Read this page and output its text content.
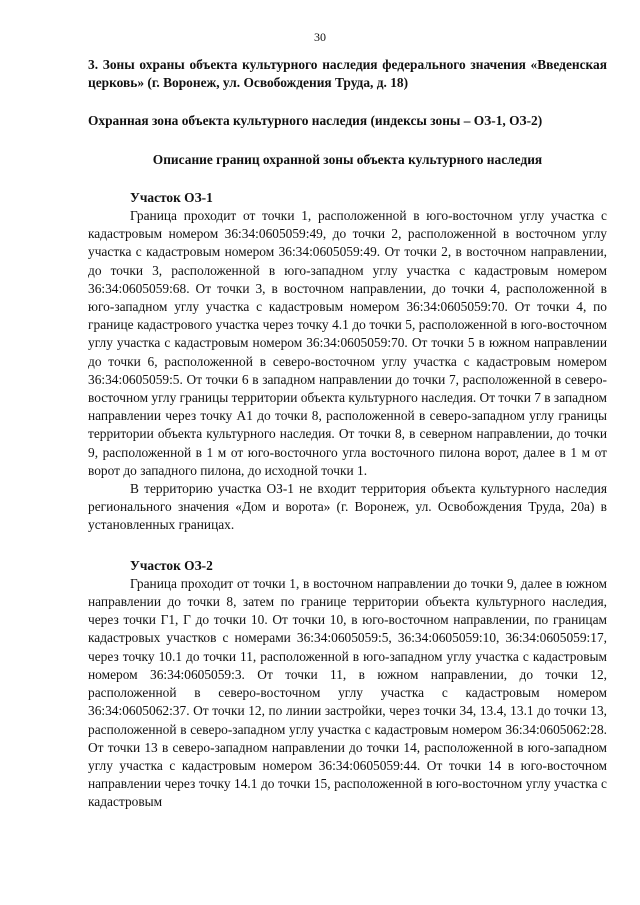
30

3. Зоны охраны объекта культурного наследия федерального значения «Введенская церковь» (г. Воронеж, ул. Освобождения Труда, д. 18)

Охранная зона объекта культурного наследия (индексы зоны – ОЗ-1, ОЗ-2)

Описание границ охранной зоны объекта культурного наследия

Участок ОЗ-1

Граница проходит от точки 1, расположенной в юго-восточном углу участка с кадастровым номером 36:34:0605059:49, до точки 2, расположенной в восточном углу участка с кадастровым номером 36:34:0605059:49. От точки 2, в восточном направлении, до точки 3, расположенной в юго-западном углу участка с кадастровым номером 36:34:0605059:68. От точки 3, в восточном направлении, до точки 4, расположенной в юго-западном углу участка с кадастровым номером 36:34:0605059:70. От точки 4, по границе кадастрового участка через точку 4.1 до точки 5, расположенной в юго-восточном углу участка с кадастровым номером 36:34:0605059:70. От точки 5 в южном направлении до точки 6, расположенной в северо-восточном углу участка с кадастровым номером 36:34:0605059:5. От точки 6 в западном направлении до точки 7, расположенной в северо-восточном углу границы территории объекта культурного наследия. От точки 7 в западном направлении через точку А1 до точки 8, расположенной в северо-западном углу границы территории объекта культурного наследия. От точки 8, в северном направлении, до точки 9, расположенной в 1 м от юго-восточного угла восточного пилона ворот, далее в 1 м от ворот до западного пилона, до исходной точки 1.

В территорию участка ОЗ-1 не входит территория объекта культурного наследия регионального значения «Дом и ворота» (г. Воронеж, ул. Освобождения Труда, 20а) в установленных границах.

Участок ОЗ-2

Граница проходит от точки 1, в восточном направлении до точки 9, далее в южном направлении до точки 8, затем по границе территории объекта культурного наследия, через точки Г1, Г до точки 10. От точки 10, в юго-восточном направлении, по границам кадастровых участков с номерами 36:34:0605059:5, 36:34:0605059:10, 36:34:0605059:17, через точку 10.1 до точки 11, расположенной в юго-западном углу участка с кадастровым номером 36:34:0605059:3. От точки 11, в южном направлении, до точки 12, расположенной в северо-восточном углу участка с кадастровым номером 36:34:0605062:37. От точки 12, по линии застройки, через точки 34, 13.4, 13.1 до точки 13, расположенной в северо-западном углу участка с кадастровым номером 36:34:0605062:28. От точки 13 в северо-западном направлении до точки 14, расположенной в юго-западном углу участка с кадастровым номером 36:34:0605059:44. От точки 14 в юго-восточном направлении через точку 14.1 до точки 15, расположенной в юго-восточном углу участка с кадастровым
